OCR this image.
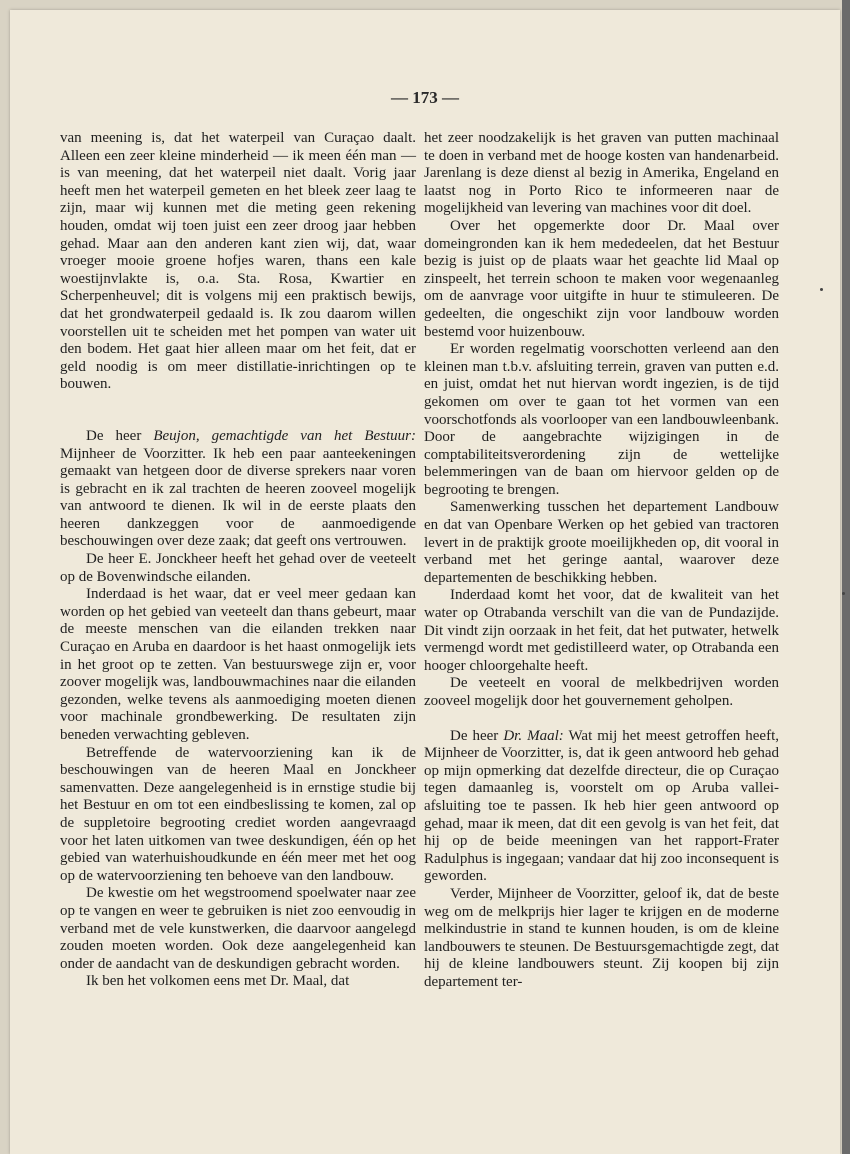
— 173 —

van meening is, dat het waterpeil van Curaçao daalt. Alleen een zeer kleine minderheid — ik meen één man — is van meening, dat het waterpeil niet daalt. Vorig jaar heeft men het waterpeil gemeten en het bleek zeer laag te zijn, maar wij kunnen met die meting geen rekening houden, omdat wij toen juist een zeer droog jaar hebben gehad. Maar aan den anderen kant zien wij, dat, waar vroeger mooie groene hofjes waren, thans een kale woestijnvlakte is, o.a. Sta. Rosa, Kwartier en Scherpenheuvel; dit is volgens mij een praktisch bewijs, dat het grondwaterpeil gedaald is. Ik zou daarom willen voorstellen uit te scheiden met het pompen van water uit den bodem. Het gaat hier alleen maar om het feit, dat er geld noodig is om meer distillatie-inrichtingen op te bouwen.

De heer Beujon, gemachtigde van het Bestuur: Mijnheer de Voorzitter. Ik heb een paar aanteekeningen gemaakt van hetgeen door de diverse sprekers naar voren is gebracht en ik zal trachten de heeren zooveel mogelijk van antwoord te dienen. Ik wil in de eerste plaats den heeren dankzeggen voor de aanmoedigende beschouwingen over deze zaak; dat geeft ons vertrouwen.

De heer E. Jonckheer heeft het gehad over de veeteelt op de Bovenwindsche eilanden.

Inderdaad is het waar, dat er veel meer gedaan kan worden op het gebied van veeteelt dan thans gebeurt, maar de meeste menschen van die eilanden trekken naar Curaçao en Aruba en daardoor is het haast onmogelijk iets in het groot op te zetten. Van bestuurswege zijn er, voor zoover mogelijk was, landbouwmachines naar die eilanden gezonden, welke tevens als aanmoediging moeten dienen voor machinale grondbewerking. De resultaten zijn beneden verwachting gebleven.

Betreffende de watervoorziening kan ik de beschouwingen van de heeren Maal en Jonckheer samenvatten. Deze aangelegenheid is in ernstige studie bij het Bestuur en om tot een eindbeslissing te komen, zal op de suppletoire begrooting crediet worden aangevraagd voor het laten uitkomen van twee deskundigen, één op het gebied van waterhuishoudkunde en één meer met het oog op de watervoorziening ten behoeve van den landbouw.

De kwestie om het wegstroomend spoelwater naar zee op te vangen en weer te gebruiken is niet zoo eenvoudig in verband met de vele kunstwerken, die daarvoor aangelegd zouden moeten worden. Ook deze aangelegenheid kan onder de aandacht van de deskundigen gebracht worden.

Ik ben het volkomen eens met Dr. Maal, dat

het zeer noodzakelijk is het graven van putten machinaal te doen in verband met de hooge kosten van handenarbeid. Jarenlang is deze dienst al bezig in Amerika, Engeland en laatst nog in Porto Rico te informeeren naar de mogelijkheid van levering van machines voor dit doel.

Over het opgemerkte door Dr. Maal over domeingronden kan ik hem mededeelen, dat het Bestuur bezig is juist op de plaats waar het geachte lid Maal op zinspeelt, het terrein schoon te maken voor wegenaanleg om de aanvrage voor uitgifte in huur te stimuleeren. De gedeelten, die ongeschikt zijn voor landbouw worden bestemd voor huizenbouw.

Er worden regelmatig voorschotten verleend aan den kleinen man t.b.v. afsluiting terrein, graven van putten e.d. en juist, omdat het nut hiervan wordt ingezien, is de tijd gekomen om over te gaan tot het vormen van een voorschotfonds als voorlooper van een landbouwleenbank. Door de aangebrachte wijzigingen in de comptabiliteitsverordening zijn de wettelijke belemmeringen van de baan om hiervoor gelden op de begrooting te brengen.

Samenwerking tusschen het departement Landbouw en dat van Openbare Werken op het gebied van tractoren levert in de praktijk groote moeilijkheden op, dit vooral in verband met het geringe aantal, waarover deze departementen de beschikking hebben.

Inderdaad komt het voor, dat de kwaliteit van het water op Otrabanda verschilt van die van de Pundazijde. Dit vindt zijn oorzaak in het feit, dat het putwater, hetwelk vermengd wordt met gedistilleerd water, op Otrabanda een hooger chloorgehalte heeft.

De veeteelt en vooral de melkbedrijven worden zooveel mogelijk door het gouvernement geholpen.

De heer Dr. Maal: Wat mij het meest getroffen heeft, Mijnheer de Voorzitter, is, dat ik geen antwoord heb gehad op mijn opmerking dat dezelfde directeur, die op Curaçao tegen damaanleg is, voorstelt om op Aruba vallei-afsluiting toe te passen. Ik heb hier geen antwoord op gehad, maar ik meen, dat dit een gevolg is van het feit, dat hij op de beide meeningen van het rapport-Frater Radulphus is ingegaan; vandaar dat hij zoo inconsequent is geworden.

Verder, Mijnheer de Voorzitter, geloof ik, dat de beste weg om de melkprijs hier lager te krijgen en de moderne melkindustrie in stand te kunnen houden, is om de kleine landbouwers te steunen. De Bestuursgemachtigde zegt, dat hij de kleine landbouwers steunt. Zij koopen bij zijn departement ter-
